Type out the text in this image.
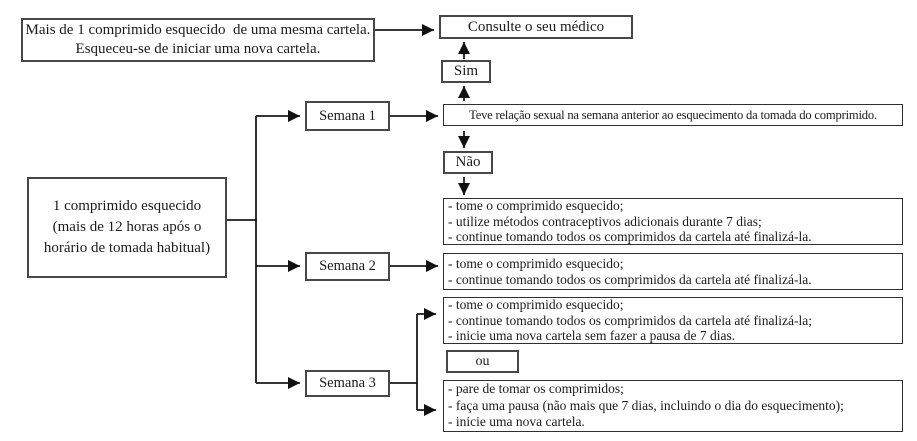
Mais de 1 comprimido esquecido  de uma mesma cartela.
Esqueceu-se de iniciar uma nova cartela.
Consulte o seu médico
Sim
Teve relação sexual na semana anterior ao esquecimento da tomada do comprimido.
Não
1 comprimido esquecido
(mais de 12 horas após o
horário de tomada habitual)
Semana 1
Semana 2
Semana 3
- tome o comprimido esquecido;
- utilize métodos contraceptivos adicionais durante 7 dias;
- continue tomando todos os comprimidos da cartela até finalizá-la.
- tome o comprimido esquecido;
- continue tomando todos os comprimidos da cartela até finalizá-la.
- tome o comprimido esquecido;
- continue tomando todos os comprimidos da cartela até finalizá-la;
- inicie uma nova cartela sem fazer a pausa de 7 dias.
ou
- pare de tomar os comprimidos;
- faça uma pausa (não mais que 7 dias, incluindo o dia do esquecimento);
- inicie uma nova cartela.
